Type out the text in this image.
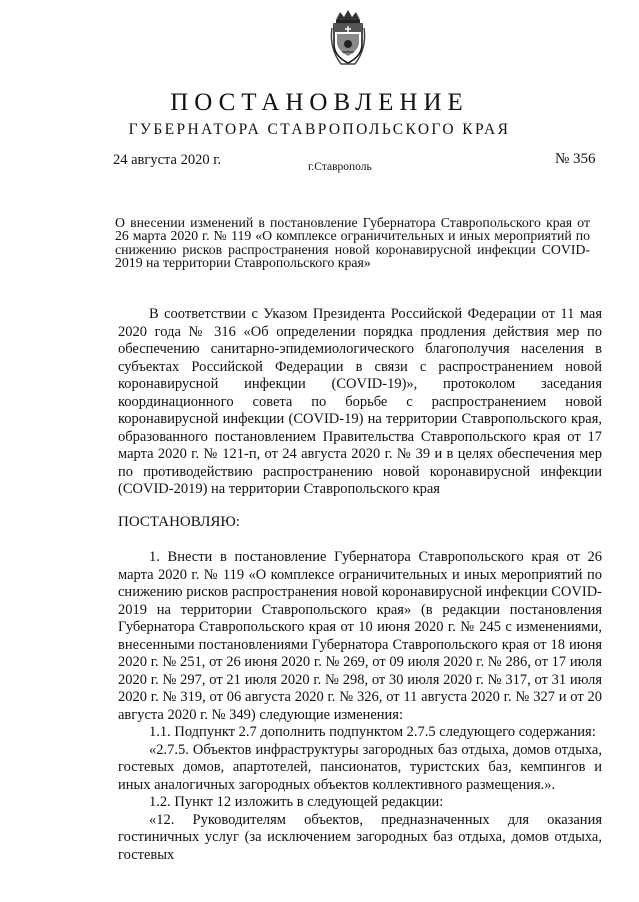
ПОСТАНОВЛЕНИЕ
ГУБЕРНАТОРА СТАВРОПОЛЬСКОГО КРАЯ
24 августа 2020 г.	г.Ставрополь	№ 356
О внесении изменений в постановление Губернатора Ставропольского края от 26 марта 2020 г. № 119 «О комплексе ограничительных и иных мероприятий по снижению рисков распространения новой коронавирусной инфекции COVID-2019 на территории Ставропольского края»
В соответствии с Указом Президента Российской Федерации от 11 мая 2020 года № 316 «Об определении порядка продления действия мер по обеспечению санитарно-эпидемиологического благополучия населения в субъектах Российской Федерации в связи с распространением новой коронавирусной инфекции (COVID-19)», протоколом заседания координационного совета по борьбе с распространением новой коронавирусной инфекции (COVID-19) на территории Ставропольского края, образованного постановлением Правительства Ставропольского края от 17 марта 2020 г. № 121-п, от 24 августа 2020 г. № 39 и в целях обеспечения мер по противодействию распространению новой коронавирусной инфекции (COVID-2019) на территории Ставропольского края
ПОСТАНОВЛЯЮ:

1. Внести в постановление Губернатора Ставропольского края от 26 марта 2020 г. № 119 «О комплексе ограничительных и иных мероприятий по снижению рисков распространения новой коронавирусной инфекции COVID-2019 на территории Ставропольского края» (в редакции постановления Губернатора Ставропольского края от 10 июня 2020 г. № 245 с изменениями, внесенными постановлениями Губернатора Ставропольского края от 18 июня 2020 г. № 251, от 26 июня 2020 г. № 269, от 09 июля 2020 г. № 286, от 17 июля 2020 г. № 297, от 21 июля 2020 г. № 298, от 30 июля 2020 г. № 317, от 31 июля 2020 г. № 319, от 06 августа 2020 г. № 326, от 11 августа 2020 г. № 327 и от 20 августа 2020 г. № 349) следующие изменения:

1.1. Подпункт 2.7 дополнить подпунктом 2.7.5 следующего содержания:

«2.7.5. Объектов инфраструктуры загородных баз отдыха, домов отдыха, гостевых домов, апартотелей, пансионатов, туристских баз, кемпингов и иных аналогичных загородных объектов коллективного размещения.».

1.2. Пункт 12 изложить в следующей редакции:

«12. Руководителям объектов, предназначенных для оказания гостиничных услуг (за исключением загородных баз отдыха, домов отдыха, гостевых
